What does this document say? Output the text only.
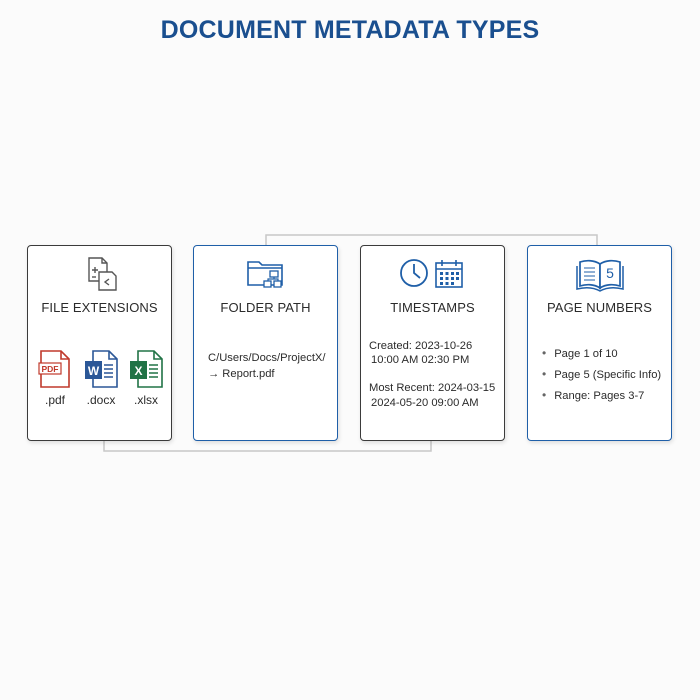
DOCUMENT METADATA TYPES
FILE EXTENSIONS
PDF
.pdf
W
.docx
X
.xlsx
FOLDER PATH
C/Users/Docs/ProjectX/
→ Report.pdf
TIMESTAMPS
Created: 2023-10-26
10:00 AM 02:30 PM
Most Recent: 2024-03-15
2024-05-20 09:00 AM
5
PAGE NUMBERS
• Page 1 of 10
• Page 5 (Specific Info)
• Range: Pages 3-7
